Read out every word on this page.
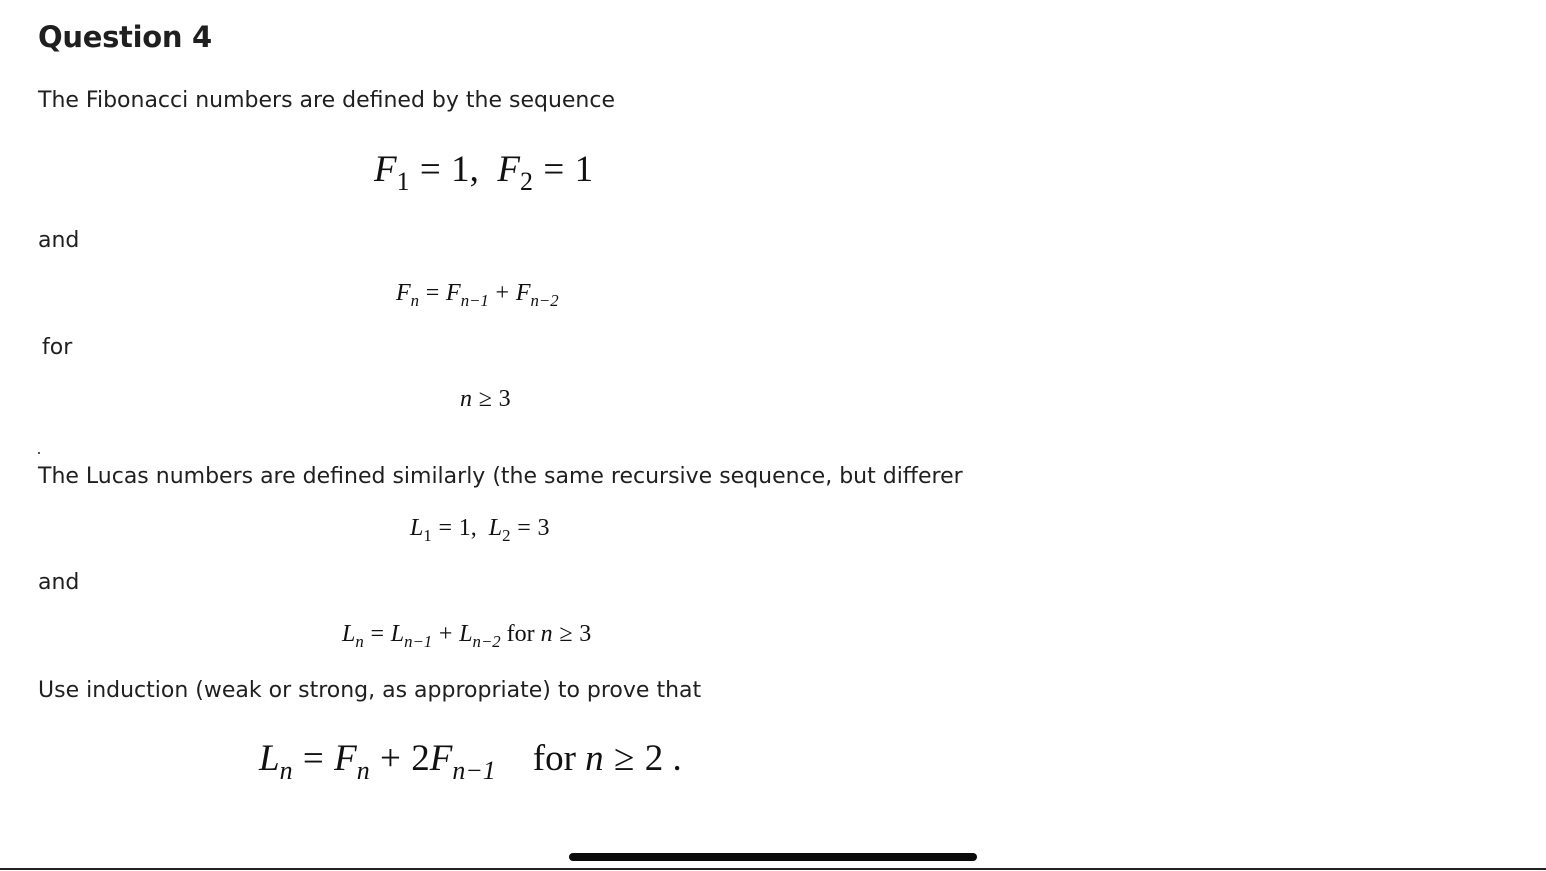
Question 4
The Fibonacci numbers are defined by the sequence
$F_1 = 1$, $F_2 = 1$
and
$F_n = F_{n-1} + F_{n-2}$
for
n ≥ 3
The Lucas numbers are defined similarly (the same recursive sequence, but differer
$L_1 = 1$, $L_2 = 3$
and
$L_n = L_{n-1} + L_{n-2}$ for n ≥ 3
Use induction (weak or strong, as appropriate) to prove that
$L_n = F_n + 2F_{n-1}$ for n ≥ 2 .
